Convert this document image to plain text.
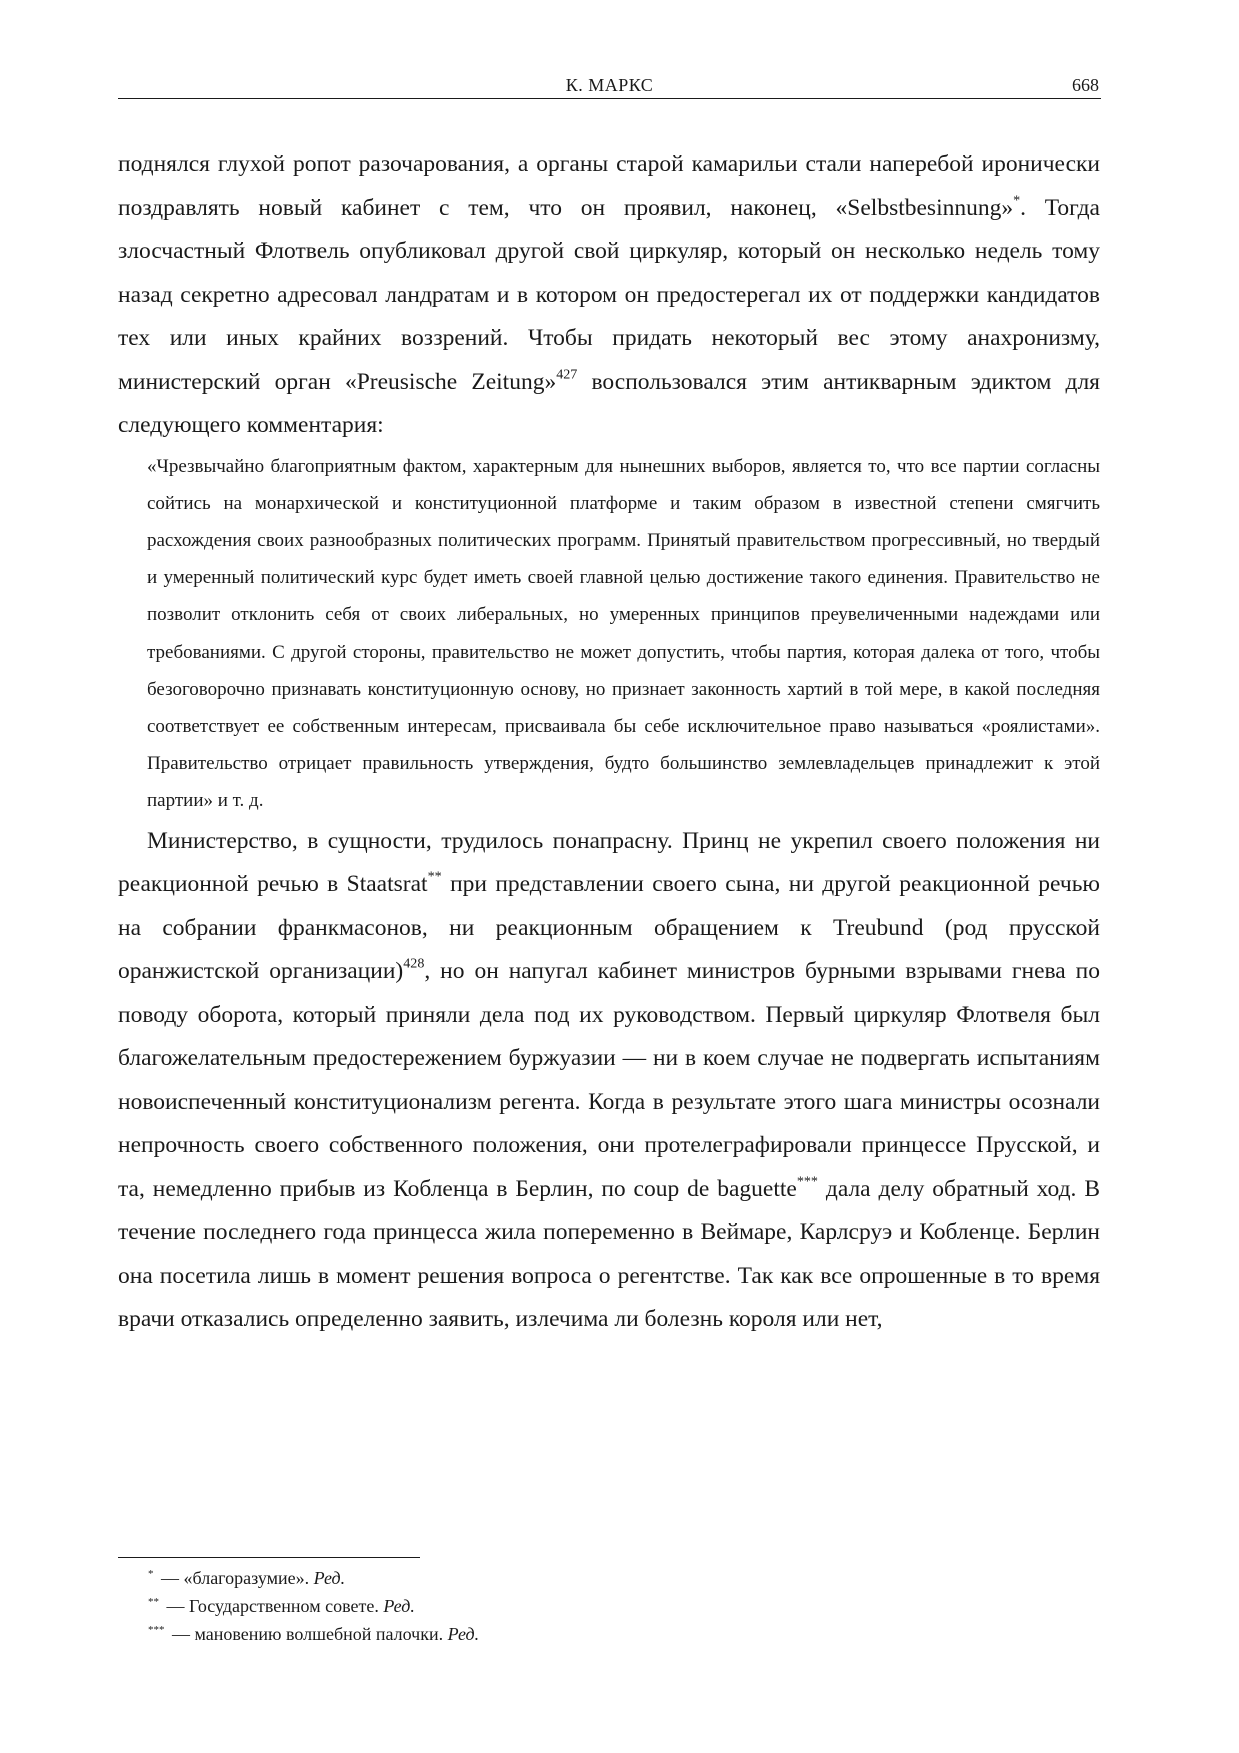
К. МАРКС	668

поднялся глухой ропот разочарования, а органы старой камарильи стали наперебой иронически поздравлять новый кабинет с тем, что он проявил, наконец, «Selbstbesinnung»*. Тогда злосчастный Флотвель опубликовал другой свой циркуляр, который он несколько недель тому назад секретно адресовал ландратам и в котором он предостерегал их от поддержки кандидатов тех или иных крайних воззрений. Чтобы придать некоторый вес этому анахронизму, министерский орган «Preusische Zeitung»$^{427}$ воспользовался этим антикварным эдиктом для следующего комментария:

«Чрезвычайно благоприятным фактом, характерным для нынешних выборов, является то, что все партии согласны сойтись на монархической и конституционной платформе и таким образом в известной степени смягчить расхождения своих разнообразных политических программ. Принятый правительством прогрессивный, но твердый и умеренный политический курс будет иметь своей главной целью достижение такого единения. Правительство не позволит отклонить себя от своих либеральных, но умеренных принципов преувеличенными надеждами или требованиями. С другой стороны, правительство не может допустить, чтобы партия, которая далека от того, чтобы безоговорочно признавать конституционную основу, но признает законность хартий в той мере, в какой последняя соответствует ее собственным интересам, присваивала бы себе исключительное право называться «роялистами». Правительство отрицает правильность утверждения, будто большинство землевладельцев принадлежит к этой партии» и т. д.

Министерство, в сущности, трудилось понапрасну. Принц не укрепил своего положения ни реакционной речью в Staatsrat** при представлении своего сына, ни другой реакционной речью на собрании франкмасонов, ни реакционным обращением к Treubund (род прусской оранжистской организации)$^{428}$, но он напугал кабинет министров бурными взрывами гнева по поводу оборота, который приняли дела под их руководством. Первый циркуляр Флотвеля был благожелательным предостережением буржуазии — ни в коем случае не подвергать испытаниям новоиспеченный конституционализм регента. Когда в результате этого шага министры осознали непрочность своего собственного положения, они протелеграфировали принцессе Прусской, и та, немедленно прибыв из Кобленца в Берлин, по coup de baguette*** дала делу обратный ход. В течение последнего года принцесса жила попеременно в Веймаре, Карлсруэ и Кобленце. Берлин она посетила лишь в момент решения вопроса о регентстве. Так как все опрошенные в то время врачи отказались определенно заявить, излечима ли болезнь короля или нет,

* — «благоразумие». Ред.
** — Государственном совете. Ред.
*** — мановению волшебной палочки. Ред.
